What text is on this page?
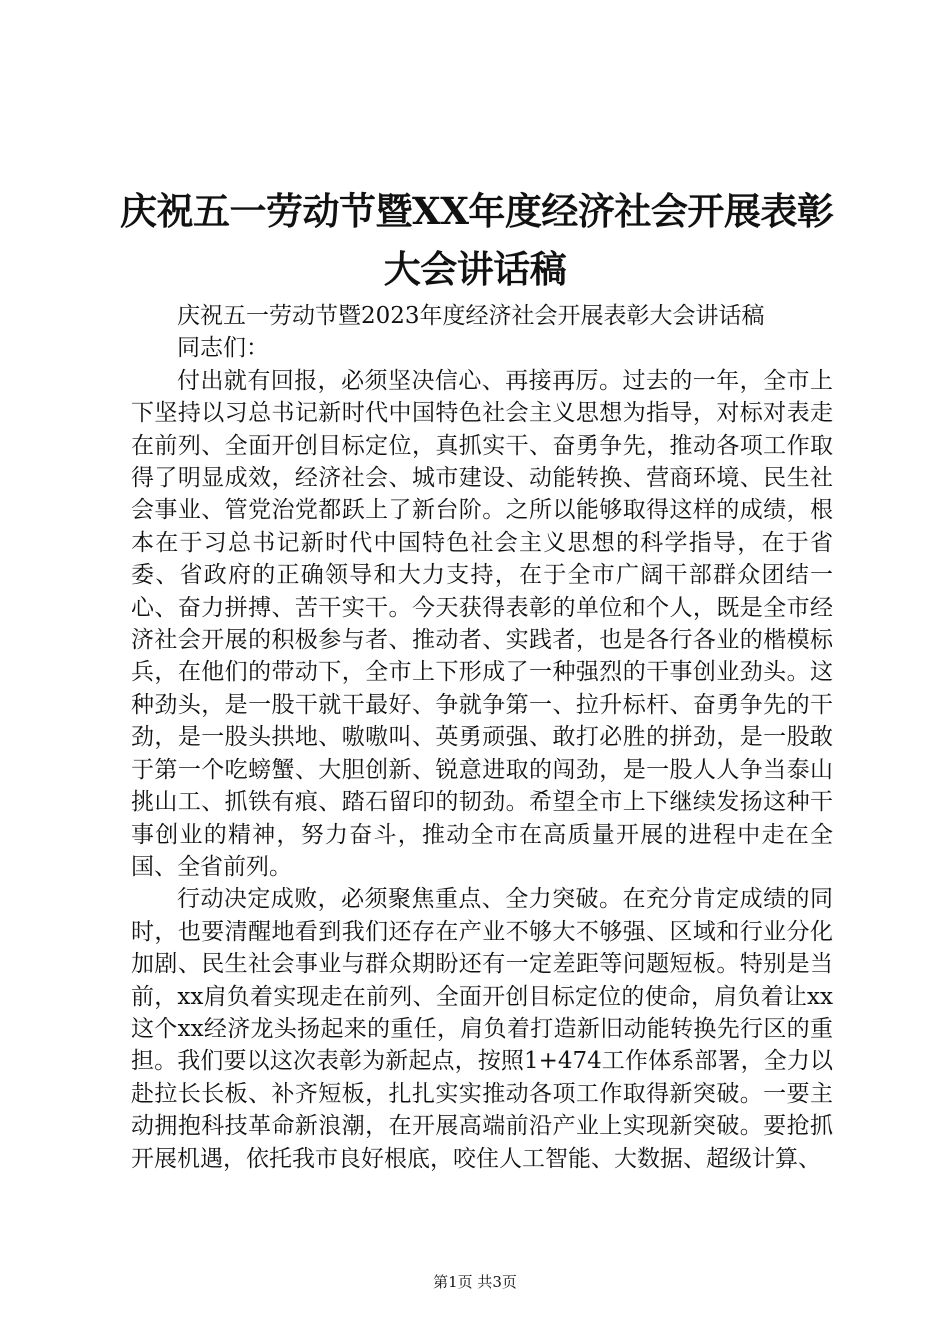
庆祝五一劳动节暨XX年度经济社会开展表彰
大会讲话稿

庆祝五一劳动节暨2023年度经济社会开展表彰大会讲话稿

同志们：

付出就有回报，必须坚决信心、再接再厉。过去的一年，全市上下坚持以习总书记新时代中国特色社会主义思想为指导，对标对表走在前列、全面开创目标定位，真抓实干、奋勇争先，推动各项工作取得了明显成效，经济社会、城市建设、动能转换、营商环境、民生社会事业、管党治党都跃上了新台阶。之所以能够取得这样的成绩，根本在于习总书记新时代中国特色社会主义思想的科学指导，在于省委、省政府的正确领导和大力支持，在于全市广阔干部群众团结一心、奋力拼搏、苦干实干。今天获得表彰的单位和个人，既是全市经济社会开展的积极参与者、推动者、实践者，也是各行各业的楷模标兵，在他们的带动下，全市上下形成了一种强烈的干事创业劲头。这种劲头，是一股干就干最好、争就争第一、拉升标杆、奋勇争先的干劲，是一股头拱地、嗷嗷叫、英勇顽强、敢打必胜的拼劲，是一股敢于第一个吃螃蟹、大胆创新、锐意进取的闯劲，是一股人人争当泰山挑山工、抓铁有痕、踏石留印的韧劲。希望全市上下继续发扬这种干事创业的精神，努力奋斗，推动全市在高质量开展的进程中走在全国、全省前列。

行动决定成败，必须聚焦重点、全力突破。在充分肯定成绩的同时，也要清醒地看到我们还存在产业不够大不够强、区域和行业分化加剧、民生社会事业与群众期盼还有一定差距等问题短板。特别是当前，xx肩负着实现走在前列、全面开创目标定位的使命，肩负着让xx这个xx经济龙头扬起来的重任，肩负着打造新旧动能转换先行区的重担。我们要以这次表彰为新起点，按照1+474工作体系部署，全力以赴拉长长板、补齐短板，扎扎实实推动各项工作取得新突破。一要主动拥抱科技革命新浪潮，在开展高端前沿产业上实现新突破。要抢抓开展机遇，依托我市良好根底，咬住人工智能、大数据、超级计算、

第1页 共3页
